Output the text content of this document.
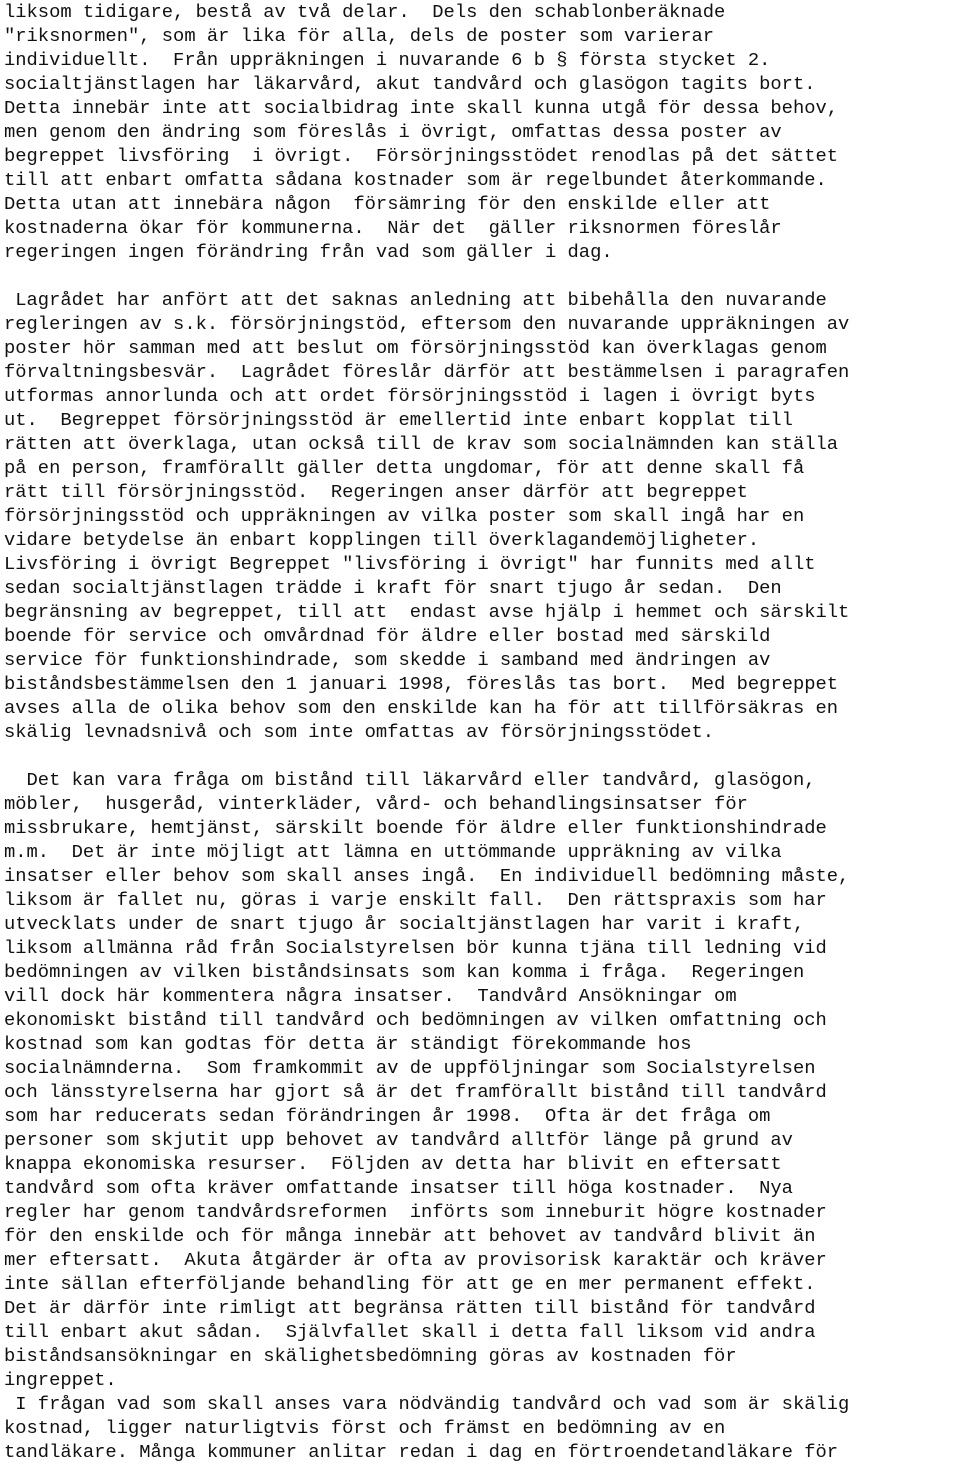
liksom tidigare, bestå av två delar.  Dels den schablonberäknade
"riksnormen", som är lika för alla, dels de poster som varierar
individuellt.  Från uppräkningen i nuvarande 6 b § första stycket 2.
socialtjänstlagen har läkarvård, akut tandvård och glasögon tagits bort.
Detta innebär inte att socialbidrag inte skall kunna utgå för dessa behov,
men genom den ändring som föreslås i övrigt, omfattas dessa poster av
begreppet livsföring  i övrigt.  Försörjningsstödet renodlas på det sättet
till att enbart omfatta sådana kostnader som är regelbundet återkommande.
Detta utan att innebära någon  försämring för den enskilde eller att
kostnaderna ökar för kommunerna.  När det  gäller riksnormen föreslår
regeringen ingen förändring från vad som gäller i dag.
Lagrådet har anfört att det saknas anledning att bibehålla den nuvarande
regleringen av s.k. försörjningstöd, eftersom den nuvarande uppräkningen av
poster hör samman med att beslut om försörjningsstöd kan överklagas genom
förvaltningsbesvär.  Lagrådet föreslår därför att bestämmelsen i paragrafen
utformas annorlunda och att ordet försörjningsstöd i lagen i övrigt byts
ut.  Begreppet försörjningsstöd är emellertid inte enbart kopplat till
rätten att överklaga, utan också till de krav som socialnämnden kan ställa
på en person, framförallt gäller detta ungdomar, för att denne skall få
rätt till försörjningsstöd.  Regeringen anser därför att begreppet
försörjningsstöd och uppräkningen av vilka poster som skall ingå har en
vidare betydelse än enbart kopplingen till överklagandemöjligheter.
Livsföring i övrigt Begreppet "livsföring i övrigt" har funnits med allt
sedan socialtjänstlagen trädde i kraft för snart tjugo år sedan.  Den
begränsning av begreppet, till att  endast avse hjälp i hemmet och särskilt
boende för service och omvårdnad för äldre eller bostad med särskild
service för funktionshindrade, som skedde i samband med ändringen av
biståndsbestämmelsen den 1 januari 1998, föreslås tas bort.  Med begreppet
avses alla de olika behov som den enskilde kan ha för att tillförsäkras en
skälig levnadsnivå och som inte omfattas av försörjningsstödet.
Det kan vara fråga om bistånd till läkarvård eller tandvård, glasögon,
möbler,  husgeråd, vinterkläder, vård- och behandlingsinsatser för
missbrukare, hemtjänst, särskilt boende för äldre eller funktionshindrade
m.m.  Det är inte möjligt att lämna en uttömmande uppräkning av vilka
insatser eller behov som skall anses ingå.  En individuell bedömning måste,
liksom är fallet nu, göras i varje enskilt fall.  Den rättspraxis som har
utvecklats under de snart tjugo år socialtjänstlagen har varit i kraft,
liksom allmänna råd från Socialstyrelsen bör kunna tjäna till ledning vid
bedömningen av vilken biståndsinsats som kan komma i fråga.  Regeringen
vill dock här kommentera några insatser.  Tandvård Ansökningar om
ekonomiskt bistånd till tandvård och bedömningen av vilken omfattning och
kostnad som kan godtas för detta är ständigt förekommande hos
socialnämnderna.  Som framkommit av de uppföljningar som Socialstyrelsen
och länsstyrelserna har gjort så är det framförallt bistånd till tandvård
som har reducerats sedan förändringen år 1998.  Ofta är det fråga om
personer som skjutit upp behovet av tandvård alltför länge på grund av
knappa ekonomiska resurser.  Följden av detta har blivit en eftersatt
tandvård som ofta kräver omfattande insatser till höga kostnader.  Nya
regler har genom tandvårdsreformen  införts som inneburit högre kostnader
för den enskilde och för många innebär att behovet av tandvård blivit än
mer eftersatt.  Akuta åtgärder är ofta av provisorisk karaktär och kräver
inte sällan efterföljande behandling för att ge en mer permanent effekt.
Det är därför inte rimligt att begränsa rätten till bistånd för tandvård
till enbart akut sådan.  Självfallet skall i detta fall liksom vid andra
biståndsansökningar en skälighetsbedömning göras av kostnaden för
ingreppet.
I frågan vad som skall anses vara nödvändig tandvård och vad som är skälig
kostnad, ligger naturligtvis först och främst en bedömning av en
tandläkare. Många kommuner anlitar redan i dag en förtroendetandläkare för
